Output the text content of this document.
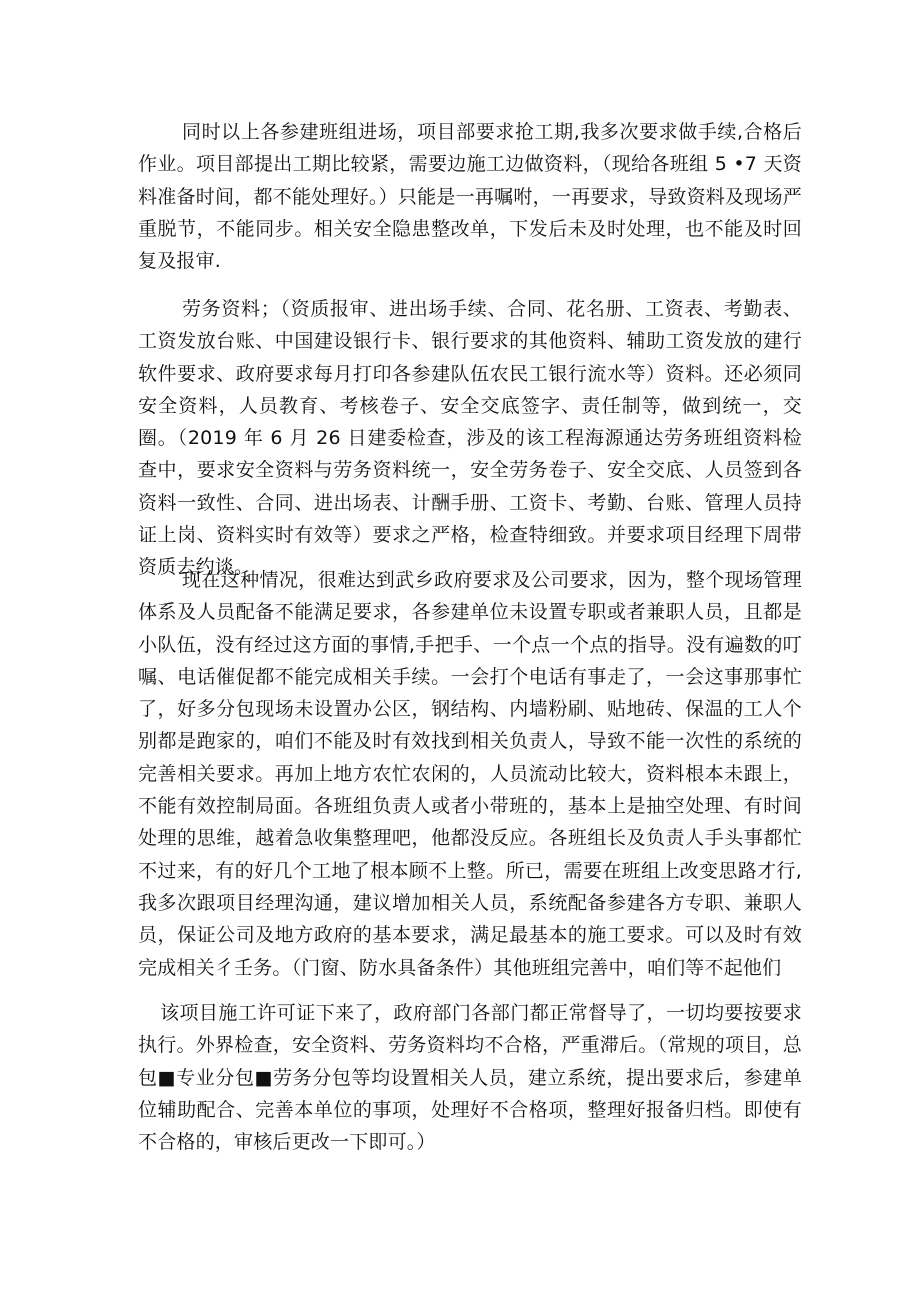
同时以上各参建班组进场，项目部要求抢工期,我多次要求做手续,合格后作业。项目部提出工期比较紧，需要边施工边做资料，（现给各班组 5 •7 天资料准备时间，都不能处理好。）只能是一再嘱咐，一再要求，导致资料及现场严重脱节，不能同步。相关安全隐患整改单，下发后未及时处理，也不能及时回复及报审.

劳务资料；（资质报审、进出场手续、合同、花名册、工资表、考勤表、工资发放台账、中国建设银行卡、银行要求的其他资料、辅助工资发放的建行软件要求、政府要求每月打印各参建队伍农民工银行流水等）资料。还必须同安全资料，人员教育、考核卷子、安全交底签字、责任制等，做到统一，交圈。（2019 年 6 月 26 日建委检查，涉及的该工程海源通达劳务班组资料检查中，要求安全资料与劳务资料统一，安全劳务卷子、安全交底、人员签到各资料一致性、合同、进出场表、计酬手册、工资卡、考勤、台账、管理人员持证上岗、资料实时有效等）要求之严格，检查特细致。并要求项目经理下周带资质去约谈。

现在这种情况，很难达到武乡政府要求及公司要求，因为，整个现场管理体系及人员配备不能满足要求，各参建单位未设置专职或者兼职人员，且都是小队伍，没有经过这方面的事情,手把手、一个点一个点的指导。没有遍数的叮嘱、电话催促都不能完成相关手续。一会打个电话有事走了，一会这事那事忙了，好多分包现场未设置办公区，钢结构、内墙粉刷、贴地砖、保温的工人个别都是跑家的，咱们不能及时有效找到相关负责人，导致不能一次性的系统的完善相关要求。再加上地方农忙农闲的，人员流动比较大，资料根本未跟上，不能有效控制局面。各班组负责人或者小带班的，基本上是抽空处理、有时间处理的思维，越着急收集整理吧，他都没反应。各班组长及负责人手头事都忙不过来，有的好几个工地了根本顾不上整。所已，需要在班组上改变思路才行,我多次跟项目经理沟通，建议增加相关人员，系统配备参建各方专职、兼职人员，保证公司及地方政府的基本要求，满足最基本的施工要求。可以及时有效完成相关彳壬务。（门窗、防水具备条件）其他班组完善中，咱们等不起他们

该项目施工许可证下来了，政府部门各部门都正常督导了，一切均要按要求执行。外界检查，安全资料、劳务资料均不合格，严重滞后。（常规的项目，总包■专业分包■劳务分包等均设置相关人员，建立系统，提出要求后，参建单位辅助配合、完善本单位的事项，处理好不合格项，整理好报备归档。即使有不合格的，审核后更改一下即可。）
